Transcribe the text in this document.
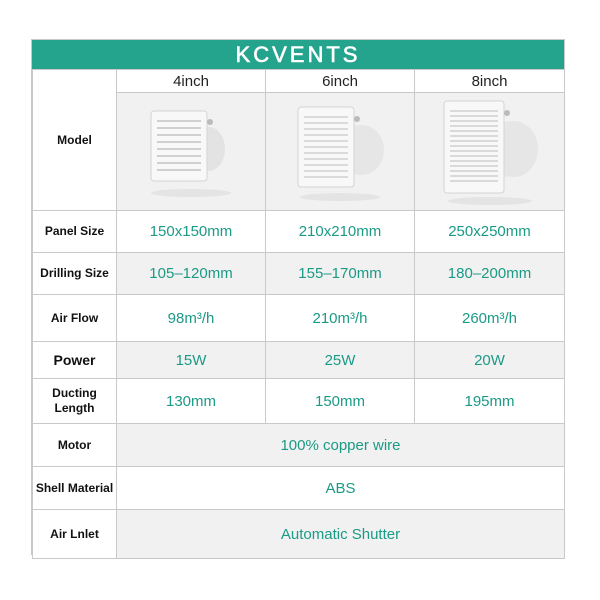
KCVENTS
Model	4inch	6inch	8inch

Panel Size	150x150mm	210x210mm	250x250mm
Drilling Size	105–120mm	155–170mm	180–200mm
Air Flow	98m³/h	210m³/h	260m³/h
Power	15W	25W	20W

Ducting
Length	130mm	150mm	195mm
Motor	100% copper wire		
Shell Material	ABS		
Air Lnlet	Automatic Shutter		
